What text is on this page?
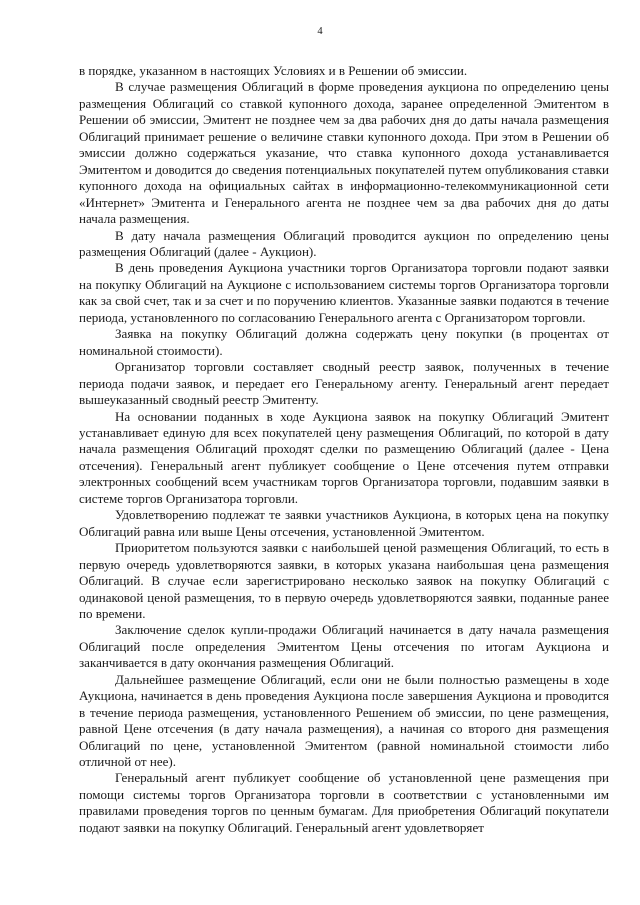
4

в порядке, указанном в настоящих Условиях и в Решении об эмиссии.

В случае размещения Облигаций в форме проведения аукциона по определению цены размещения Облигаций со ставкой купонного дохода, заранее определенной Эмитентом в Решении об эмиссии, Эмитент не позднее чем за два рабочих дня до даты начала размещения Облигаций принимает решение о величине ставки купонного дохода. При этом в Решении об эмиссии должно содержаться указание, что ставка купонного дохода устанавливается Эмитентом и доводится до сведения потенциальных покупателей путем опубликования ставки купонного дохода на официальных сайтах в информационно-телекоммуникационной сети «Интернет» Эмитента и Генерального агента не позднее чем за два рабочих дня до даты начала размещения.

В дату начала размещения Облигаций проводится аукцион по определению цены размещения Облигаций (далее - Аукцион).

В день проведения Аукциона участники торгов Организатора торговли подают заявки на покупку Облигаций на Аукционе с использованием системы торгов Организатора торговли как за свой счет, так и за счет и по поручению клиентов. Указанные заявки подаются в течение периода, установленного по согласованию Генерального агента с Организатором торговли.

Заявка на покупку Облигаций должна содержать цену покупки (в процентах от номинальной стоимости).

Организатор торговли составляет сводный реестр заявок, полученных в течение периода подачи заявок, и передает его Генеральному агенту. Генеральный агент передает вышеуказанный сводный реестр Эмитенту.

На основании поданных в ходе Аукциона заявок на покупку Облигаций Эмитент устанавливает единую для всех покупателей цену размещения Облигаций, по которой в дату начала размещения Облигаций проходят сделки по размещению Облигаций (далее - Цена отсечения). Генеральный агент публикует сообщение о Цене отсечения путем отправки электронных сообщений всем участникам торгов Организатора торговли, подавшим заявки в системе торгов Организатора торговли.

Удовлетворению подлежат те заявки участников Аукциона, в которых цена на покупку Облигаций равна или выше Цены отсечения, установленной Эмитентом.

Приоритетом пользуются заявки с наибольшей ценой размещения Облигаций, то есть в первую очередь удовлетворяются заявки, в которых указана наибольшая цена размещения Облигаций. В случае если зарегистрировано несколько заявок на покупку Облигаций с одинаковой ценой размещения, то в первую очередь удовлетворяются заявки, поданные ранее по времени.

Заключение сделок купли-продажи Облигаций начинается в дату начала размещения Облигаций после определения Эмитентом Цены отсечения по итогам Аукциона и заканчивается в дату окончания размещения Облигаций.

Дальнейшее размещение Облигаций, если они не были полностью размещены в ходе Аукциона, начинается в день проведения Аукциона после завершения Аукциона и проводится в течение периода размещения, установленного Решением об эмиссии, по цене размещения, равной Цене отсечения (в дату начала размещения), а начиная со второго дня размещения Облигаций по цене, установленной Эмитентом (равной номинальной стоимости либо отличной от нее).

Генеральный агент публикует сообщение об установленной цене размещения при помощи системы торгов Организатора торговли в соответствии с установленными им правилами проведения торгов по ценным бумагам. Для приобретения Облигаций покупатели подают заявки на покупку Облигаций. Генеральный агент удовлетворяет
